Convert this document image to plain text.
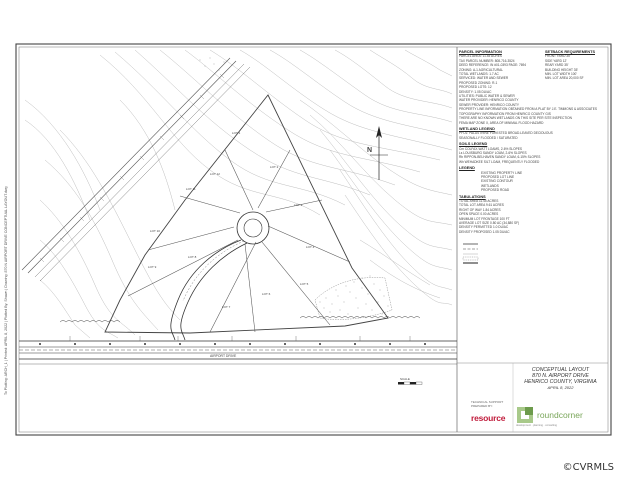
N
SCALE
LOT 1
LOT 2
LOT 3
LOT 4
LOT 5
LOT 6
LOT 7
LOT 8
LOT 9
LOT 10
LOT 11
LOT 12
AIRPORT DRIVE
To Plotting: ARCH_1 | Printed: APRIL 8, 2022 | Plotted By: Shawn | Drawing: 870 N AIRPORT DRIVE CONCEPTUAL LAYOUT.dwg
PARCEL INFORMATION
PARCEL AREA: 11.45 ACRES
TAX PARCEL NUMBER: 808-716-3524
DEED REFERENCE: IN #01-0393 PAGE: 7694
ZONING: A-1 AGRICULTURAL
TOTAL WETLANDS: 1.7 AC
SERVICED: WATER AND SEWER
PROPOSED ZONING: R-1
PROPOSED LOTS: 12
DENSITY: 1.05 DU/AC
UTILITIES: PUBLIC WATER & SEWER
WATER PROVIDER: HENRICO COUNTY
SEWER PROVIDER: HENRICO COUNTY
SETBACK REQUIREMENTS
FRONT YARD 35'
SIDE YARD 12'
REAR YARD 35'
BUILDING HEIGHT 35'
MIN. LOT WIDTH 100'
MIN. LOT AREA 20,000 SF
PROPERTY LINE INFORMATION OBTAINED FROM A PLAT BY J.E. TIMMONS & ASSOCIATES
TOPOGRAPHY INFORMATION FROM HENRICO COUNTY GIS
THERE ARE NO KNOWN WETLANDS ON THIS SITE PER SITE INSPECTION
FEMA MAP ZONE X, AREA OF MINIMAL FLOOD HAZARD
WETLAND LEGEND
PFO1: PALUSTRINE FORESTED BROAD-LEAVED DECIDUOUS
SEASONALLY FLOODED / SATURATED
SOILS LEGEND
Cm COLFAX-WATT LOAMS, 2-6% SLOPES
Ls LOUISBURG SANDY LOAM, 2-6% SLOPES
Rb RIPPON-BELHAVEN SANDY LOAM, 6-15% SLOPES
Wh WEHADKEE SILT LOAM, FREQUENTLY FLOODED
LEGEND
EXISTING PROPERTY LINE
PROPOSED LOT LINE
EXISTING CONTOUR
WETLANDS
PROPOSED ROAD
TABULATIONS
TOTAL AREA 11.45 ACRES
TOTAL LOT AREA 9.61 ACRES
RIGHT OF WAY 1.84 ACRES
OPEN SPACE 0.00 ACRES
MINIMUM LOT FRONTAGE 100 FT
AVERAGE LOT SIZE 0.80 AC (34,880 SF)
DENSITY PERMITTED 1.0 DU/AC
DENSITY PROPOSED 1.05 DU/AC
CONCEPTUAL LAYOUT
870 N. AIRPORT DRIVE
HENRICO COUNTY, VIRGINIA
APRIL 8, 2022
TECHNICAL SUPPORT
PREPARED BY:
resource	roundcorner
development · planning · consulting
©CVRMLS
